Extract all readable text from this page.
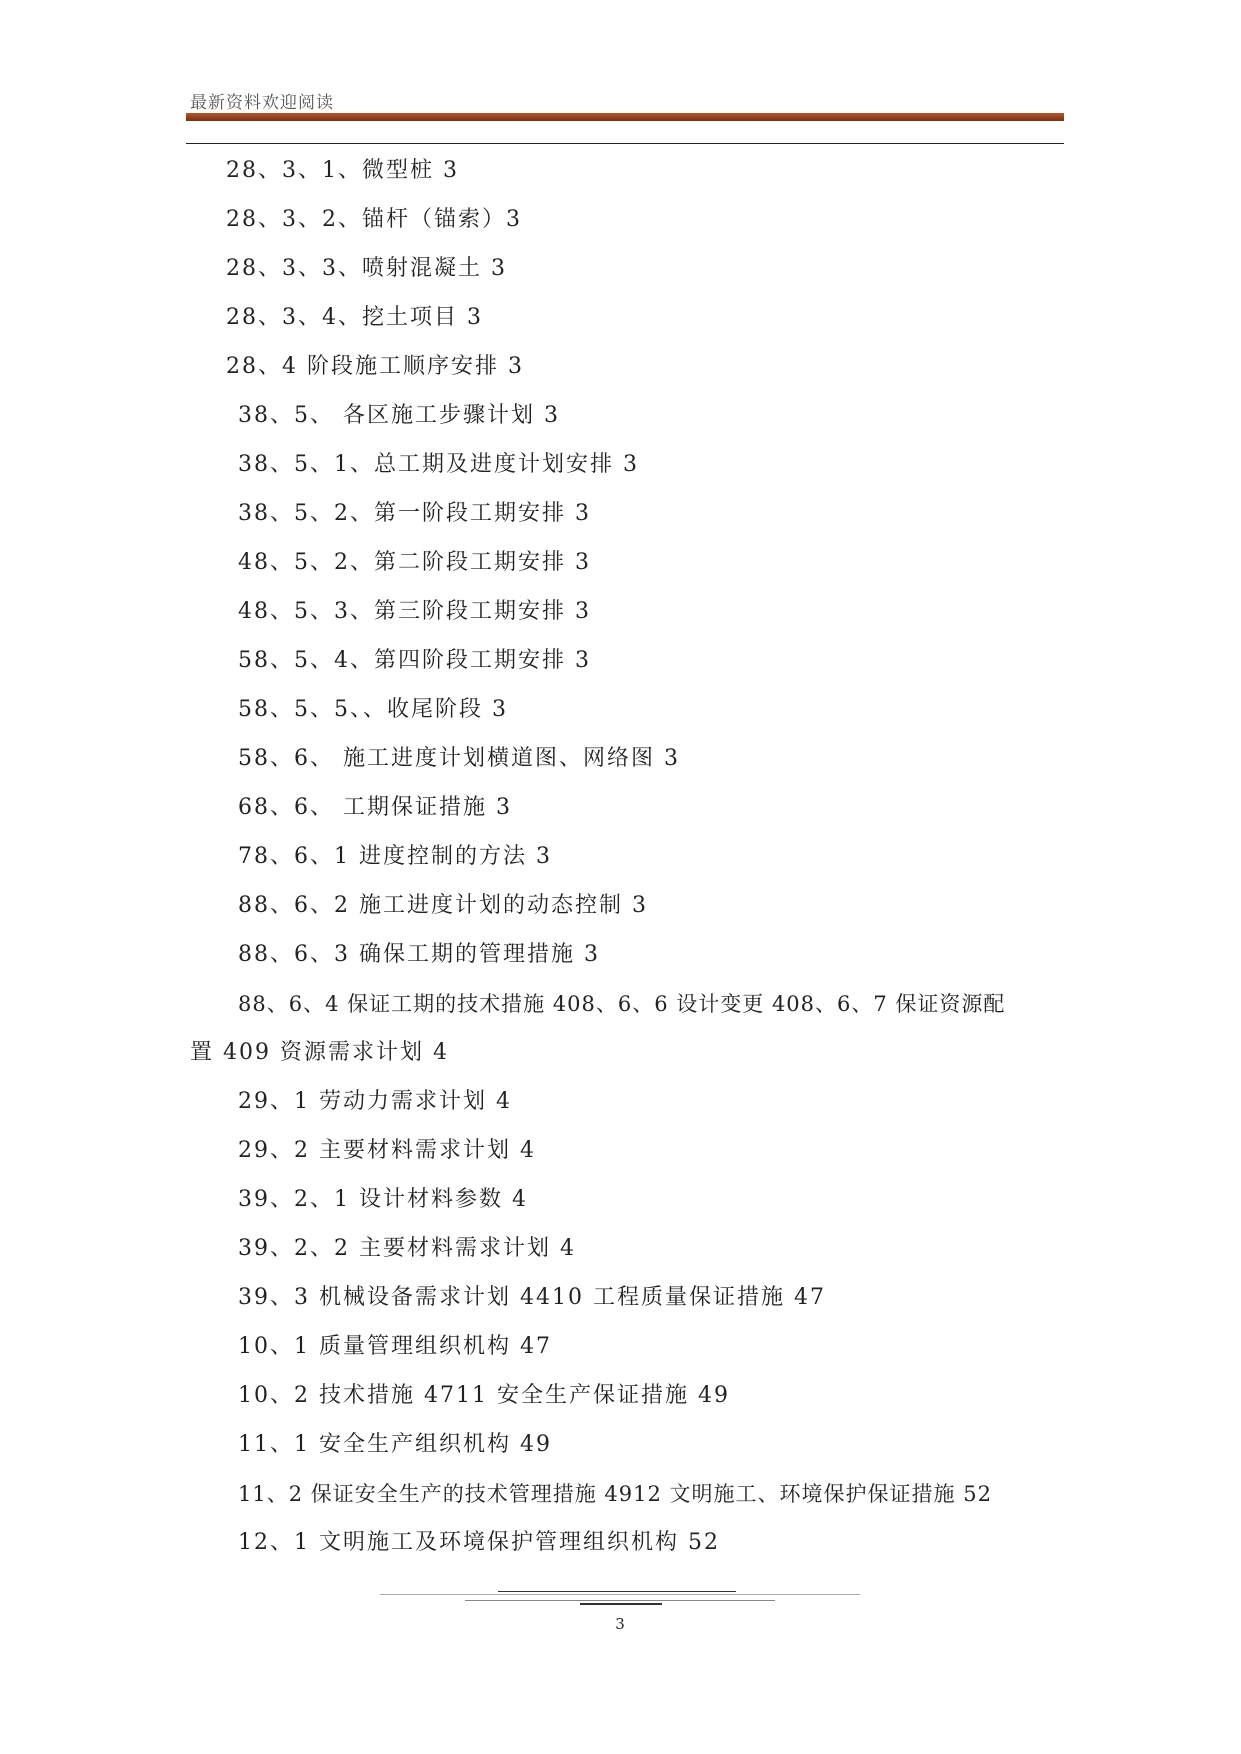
最新资料欢迎阅读
28、3、1、微型桩 3
28、3、2、锚杆（锚索）3
28、3、3、喷射混凝土 3
28、3、4、挖土项目 3
28、4 阶段施工顺序安排 3
38、5、 各区施工步骤计划 3
38、5、1、总工期及进度计划安排 3
38、5、2、第一阶段工期安排 3
48、5、2、第二阶段工期安排 3
48、5、3、第三阶段工期安排 3
58、5、4、第四阶段工期安排 3
58、5、5、、收尾阶段 3
58、6、 施工进度计划横道图、网络图 3
68、6、 工期保证措施 3
78、6、1 进度控制的方法 3
88、6、2 施工进度计划的动态控制 3
88、6、3 确保工期的管理措施 3
88、6、4 保证工期的技术措施 408、6、6 设计变更 408、6、7 保证资源配
置 409 资源需求计划 4
29、1 劳动力需求计划 4
29、2 主要材料需求计划 4
39、2、1 设计材料参数 4
39、2、2 主要材料需求计划 4
39、3 机械设备需求计划 4410 工程质量保证措施 47
10、1 质量管理组织机构 47
10、2 技术措施 4711 安全生产保证措施 49
11、1 安全生产组织机构 49
11、2 保证安全生产的技术管理措施 4912 文明施工、环境保护保证措施 52
12、1 文明施工及环境保护管理组织机构 52
3
